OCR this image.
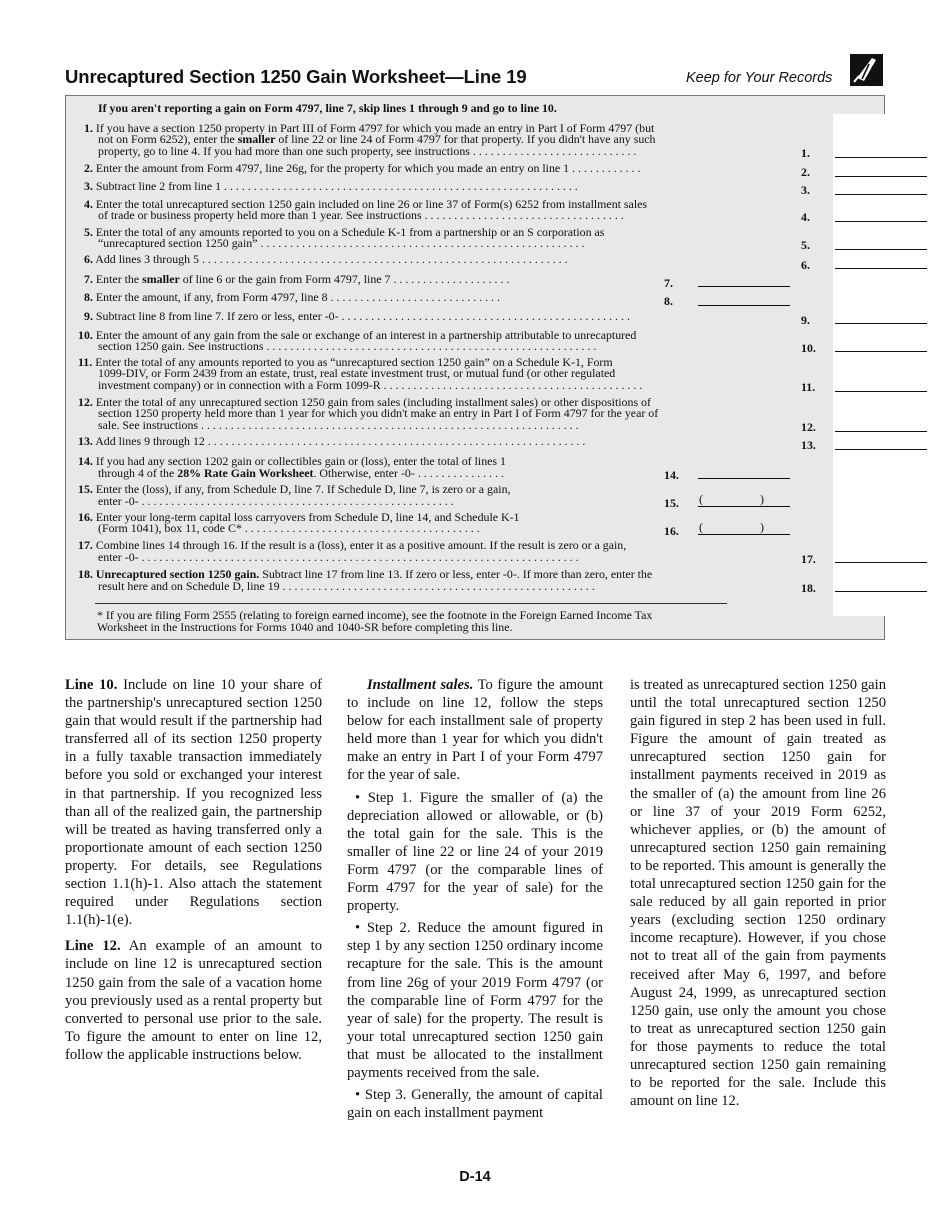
Unrecaptured Section 1250 Gain Worksheet—Line 19	Keep for Your Records
If you aren't reporting a gain on Form 4797, line 7, skip lines 1 through 9 and go to line 10.
1. If you have a section 1250 property in Part III of Form 4797 for which you made an entry in Part I of Form 4797 (but
not on Form 6252), enter the smaller of line 22 or line 24 of Form 4797 for that property. If you didn't have any such
property, go to line 4. If you had more than one such property, see instructions . . . . . . . . . . . . . . . . . . . . . . . . . . . .	1.
2. Enter the amount from Form 4797, line 26g, for the property for which you made an entry on line 1 . . . . . . . . . . . .	2.
3. Subtract line 2 from line 1 . . . . . . . . . . . . . . . . . . . . . . . . . . . . . . . . . . . . . . . . . . . . . . . . . . . . . . . . . . . .	3.
4. Enter the total unrecaptured section 1250 gain included on line 26 or line 37 of Form(s) 6252 from installment sales
of trade or business property held more than 1 year. See instructions . . . . . . . . . . . . . . . . . . . . . . . . . . . . . . . . . .	4.
5. Enter the total of any amounts reported to you on a Schedule K-1 from a partnership or an S corporation as
“unrecaptured section 1250 gain” . . . . . . . . . . . . . . . . . . . . . . . . . . . . . . . . . . . . . . . . . . . . . . . . . . . . . . .	5.
6. Add lines 3 through 5 . . . . . . . . . . . . . . . . . . . . . . . . . . . . . . . . . . . . . . . . . . . . . . . . . . . . . . . . . . . . . .	6.
7. Enter the smaller of line 6 or the gain from Form 4797, line 7 . . . . . . . . . . . . . . . . . . . .	7.
8. Enter the amount, if any, from Form 4797, line 8 . . . . . . . . . . . . . . . . . . . . . . . . . . . . .	8.
9. Subtract line 8 from line 7. If zero or less, enter -0- . . . . . . . . . . . . . . . . . . . . . . . . . . . . . . . . . . . . . . . . . . . . . . . . .	9.
10. Enter the amount of any gain from the sale or exchange of an interest in a partnership attributable to unrecaptured
section 1250 gain. See instructions . . . . . . . . . . . . . . . . . . . . . . . . . . . . . . . . . . . . . . . . . . . . . . . . . . . . . . . .	10.
11. Enter the total of any amounts reported to you as “unrecaptured section 1250 gain” on a Schedule K-1, Form
1099-DIV, or Form 2439 from an estate, trust, real estate investment trust, or mutual fund (or other regulated
investment company) or in connection with a Form 1099-R . . . . . . . . . . . . . . . . . . . . . . . . . . . . . . . . . . . . . . . . . . . .	11.
12. Enter the total of any unrecaptured section 1250 gain from sales (including installment sales) or other dispositions of
section 1250 property held more than 1 year for which you didn't make an entry in Part I of Form 4797 for the year of
sale. See instructions . . . . . . . . . . . . . . . . . . . . . . . . . . . . . . . . . . . . . . . . . . . . . . . . . . . . . . . . . . . . . . . .	12.
13. Add lines 9 through 12 . . . . . . . . . . . . . . . . . . . . . . . . . . . . . . . . . . . . . . . . . . . . . . . . . . . . . . . . . . . . . . . .	13.
14. If you had any section 1202 gain or collectibles gain or (loss), enter the total of lines 1
through 4 of the 28% Rate Gain Worksheet. Otherwise, enter -0- . . . . . . . . . . . . . . .	14.
15. Enter the (loss), if any, from Schedule D, line 7. If Schedule D, line 7, is zero or a gain,
enter -0- . . . . . . . . . . . . . . . . . . . . . . . . . . . . . . . . . . . . . . . . . . . . . . . . . . . . .	15. (	)
16. Enter your long-term capital loss carryovers from Schedule D, line 14, and Schedule K-1
(Form 1041), box 11, code C* . . . . . . . . . . . . . . . . . . . . . . . . . . . . . . . . . . . . . . . .	16. (	)
17. Combine lines 14 through 16. If the result is a (loss), enter it as a positive amount. If the result is zero or a gain,
enter -0- . . . . . . . . . . . . . . . . . . . . . . . . . . . . . . . . . . . . . . . . . . . . . . . . . . . . . . . . . . . . . . . . . . . . . . . . . .	17.
18. Unrecaptured section 1250 gain. Subtract line 17 from line 13. If zero or less, enter -0-. If more than zero, enter the
result here and on Schedule D, line 19 . . . . . . . . . . . . . . . . . . . . . . . . . . . . . . . . . . . . . . . . . . . . . . . . . . . . .	18.
* If you are filing Form 2555 (relating to foreign earned income), see the footnote in the Foreign Earned Income Tax
Worksheet in the Instructions for Forms 1040 and 1040-SR before completing this line.

Line 10. Include on line 10 your share of the partnership's unrecaptured section 1250 gain that would result if the partnership had transferred all of its section 1250 property in a fully taxable transaction immediately before you sold or exchanged your interest in that partnership. If you recognized less than all of the realized gain, the partnership will be treated as having transferred only a proportionate amount of each section 1250 property. For details, see Regulations section 1.1(h)-1. Also attach the statement required under Regulations section 1.1(h)-1(e).

Line 12. An example of an amount to include on line 12 is unrecaptured section 1250 gain from the sale of a vacation home you previously used as a rental property but converted to personal use prior to the sale. To figure the amount to enter on line 12, follow the applicable instructions below.

Installment sales. To figure the amount to include on line 12, follow the steps below for each installment sale of property held more than 1 year for which you didn't make an entry in Part I of your Form 4797 for the year of sale.

• Step 1. Figure the smaller of (a) the depreciation allowed or allowable, or (b) the total gain for the sale. This is the smaller of line 22 or line 24 of your 2019 Form 4797 (or the comparable lines of Form 4797 for the year of sale) for the property.

• Step 2. Reduce the amount figured in step 1 by any section 1250 ordinary income recapture for the sale. This is the amount from line 26g of your 2019 Form 4797 (or the comparable line of Form 4797 for the year of sale) for the property. The result is your total unrecaptured section 1250 gain that must be allocated to the installment payments received from the sale.

• Step 3. Generally, the amount of capital gain on each installment payment

is treated as unrecaptured section 1250 gain until the total unrecaptured section 1250 gain figured in step 2 has been used in full. Figure the amount of gain treated as unrecaptured section 1250 gain for installment payments received in 2019 as the smaller of (a) the amount from line 26 or line 37 of your 2019 Form 6252, whichever applies, or (b) the amount of unrecaptured section 1250 gain remaining to be reported. This amount is generally the total unrecaptured section 1250 gain for the sale reduced by all gain reported in prior years (excluding section 1250 ordinary income recapture). However, if you chose not to treat all of the gain from payments received after May 6, 1997, and before August 24, 1999, as unrecaptured section 1250 gain, use only the amount you chose to treat as unrecaptured section 1250 gain for those payments to reduce the total unrecaptured section 1250 gain remaining to be reported for the sale. Include this amount on line 12.

D-14
